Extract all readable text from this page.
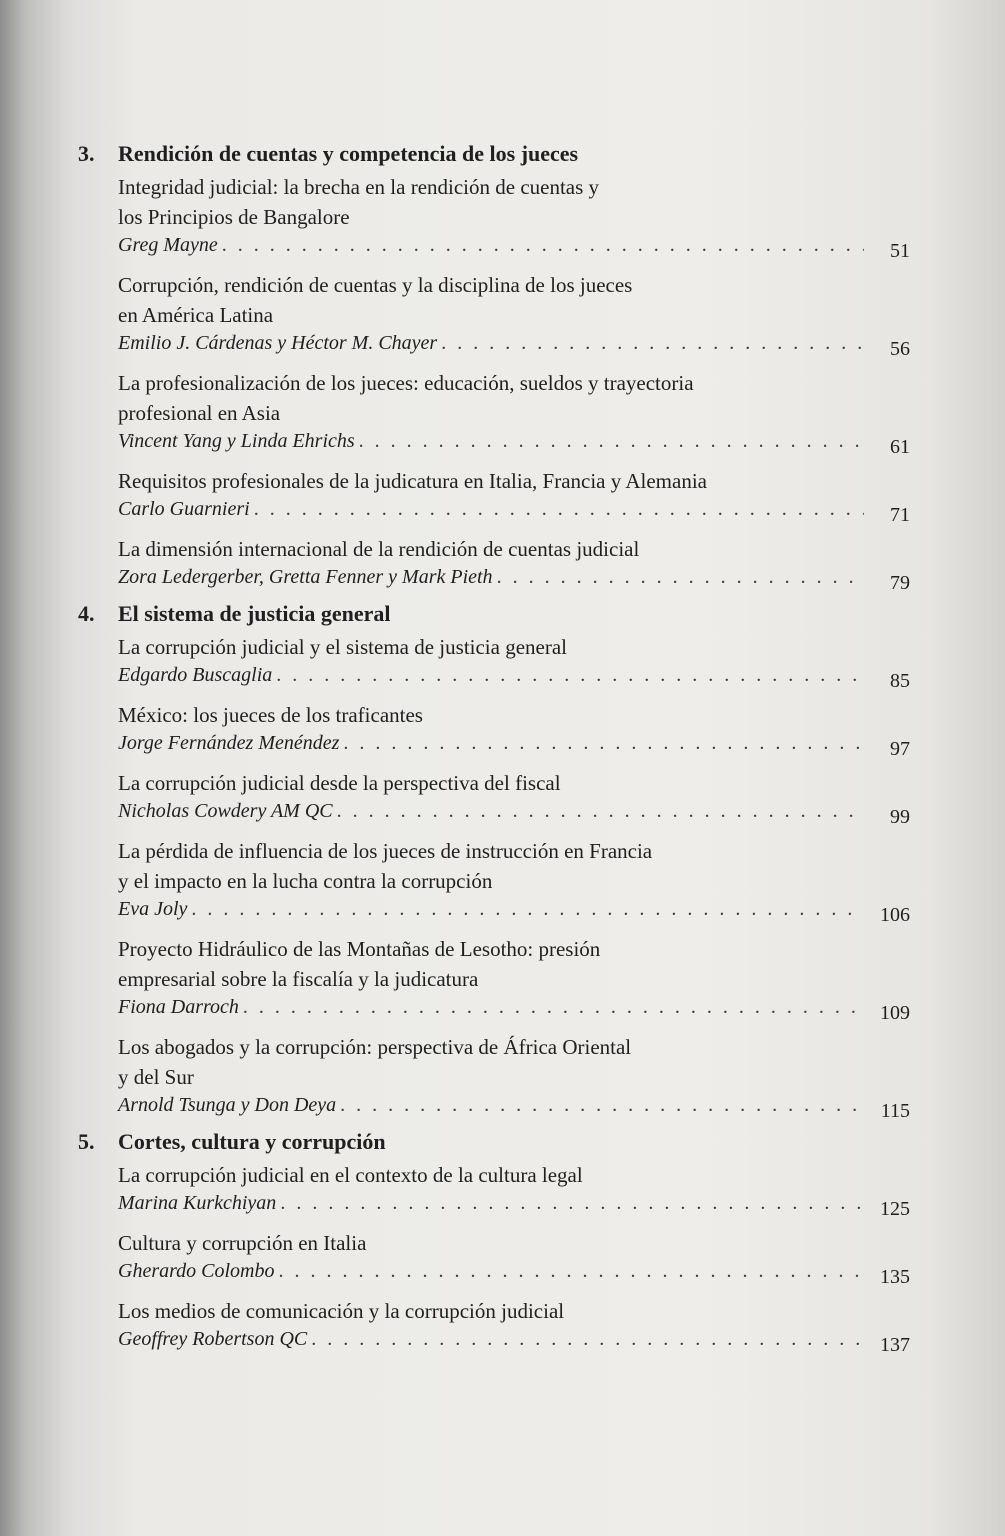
3.	Rendición de cuentas y competencia de los jueces
Integridad judicial: la brecha en la rendición de cuentas y
los Principios de Bangalore
Greg Mayne . . .	51
Corrupción, rendición de cuentas y la disciplina de los jueces
en América Latina
Emilio J. Cárdenas y Héctor M. Chayer . . .	56
La profesionalización de los jueces: educación, sueldos y trayectoria
profesional en Asia
Vincent Yang y Linda Ehrichs . . .	61
Requisitos profesionales de la judicatura en Italia, Francia y Alemania
Carlo Guarnieri . . .	71
La dimensión internacional de la rendición de cuentas judicial
Zora Ledergerber, Gretta Fenner y Mark Pieth . . .	79
4.	El sistema de justicia general
La corrupción judicial y el sistema de justicia general
Edgardo Buscaglia . . .	85
México: los jueces de los traficantes
Jorge Fernández Menéndez . . .	97
La corrupción judicial desde la perspectiva del fiscal
Nicholas Cowdery AM QC . . .	99
La pérdida de influencia de los jueces de instrucción en Francia
y el impacto en la lucha contra la corrupción
Eva Joly . . .	106
Proyecto Hidráulico de las Montañas de Lesotho: presión
empresarial sobre la fiscalía y la judicatura
Fiona Darroch . . .	109
Los abogados y la corrupción: perspectiva de África Oriental
y del Sur
Arnold Tsunga y Don Deya . . .	115
5.	Cortes, cultura y corrupción
La corrupción judicial en el contexto de la cultura legal
Marina Kurkchiyan . . .	125
Cultura y corrupción en Italia
Gherardo Colombo . . .	135
Los medios de comunicación y la corrupción judicial
Geoffrey Robertson QC . . .	137
